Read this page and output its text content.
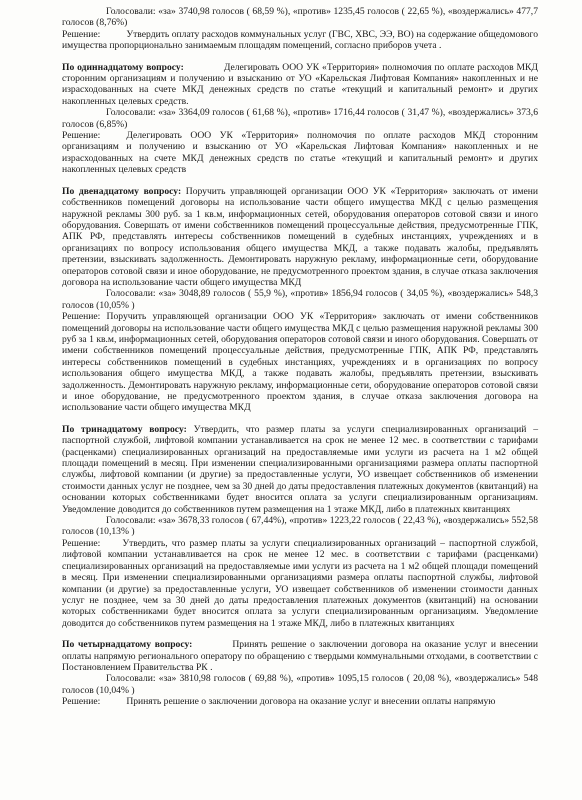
Голосовали: «за» 3740,98 голосов ( 68,59 %), «против» 1235,45 голосов ( 22,65 %), «воздержались» 477,7 голосов (8,76%)

Решение:	Утвердить оплату расходов коммунальных услуг (ГВС, ХВС, ЭЭ, ВО) на содержание общедомового имущества пропорционально занимаемым площадям помещений, согласно приборов учета .

По одиннадцатому вопросу:	Делегировать ООО УК «Территория» полномочия по оплате расходов МКД сторонним организациям и получению и взысканию от УО «Карельская Лифтовая Компания» накопленных и не израсходованных на счете МКД денежных средств по статье «текущий и капитальный ремонт» и других накопленных целевых средств.

Голосовали: «за» 3364,09 голосов ( 61,68 %), «против» 1716,44 голосов ( 31,47 %), «воздержались» 373,6 голосов (6,85%)

Решение:	Делегировать ООО УК «Территория» полномочия по оплате расходов МКД сторонним организациям и получению и взысканию от УО «Карельская Лифтовая Компания» накопленных и не израсходованных на счете МКД денежных средств по статье «текущий и капитальный ремонт» и других накопленных целевых средств

По двенадцатому вопросу: Поручить управляющей организации ООО УК «Территория» заключать от имени собственников помещений договоры на использование части общего имущества МКД с целью размещения наружной рекламы 300 руб. за 1 кв.м, информационных сетей, оборудования операторов сотовой связи и иного оборудования. Совершать от имени собственников помещений процессуальные действия, предусмотренные ГПК, АПК РФ, представлять интересы собственников помещений в судебных инстанциях, учреждениях и в организациях по вопросу использования общего имущества МКД, а также подавать жалобы, предъявлять претензии, взыскивать задолженность. Демонтировать наружную рекламу, информационные сети, оборудование операторов сотовой связи и иное оборудование, не предусмотренного проектом здания, в случае отказа заключения договора на использование части общего имущества МКД

Голосовали: «за» 3048,89 голосов ( 55,9 %), «против» 1856,94 голосов ( 34,05 %), «воздержались» 548,3 голосов (10,05% )

Решение: Поручить управляющей организации ООО УК «Территория» заключать от имени собственников помещений договоры на использование части общего имущества МКД с целью размещения наружной рекламы 300 руб за 1 кв.м, информационных сетей, оборудования операторов сотовой связи и иного оборудования. Совершать от имени собственников помещений процессуальные действия, предусмотренные ГПК, АПК РФ, представлять интересы собственников помещений в судебных инстанциях, учреждениях и в организациях по вопросу использования общего имущества МКД, а также подавать жалобы, предъявлять претензии, взыскивать задолженность. Демонтировать наружную рекламу, информационные сети, оборудование операторов сотовой связи и иное оборудование, не предусмотренного проектом здания, в случае отказа заключения договора на использование части общего имущества МКД

По тринадцатому вопросу: Утвердить, что размер платы за услуги специализированных организаций – паспортной службой, лифтовой компании устанавливается на срок не менее 12 мес. в соответствии с тарифами (расценками) специализированных организаций на предоставляемые ими услуги из расчета на 1 м2 общей площади помещений в месяц. При изменении специализированными организациями размера оплаты паспортной службы, лифтовой компании (и другие) за предоставленные услуги, УО извещает собственников об изменении стоимости данных услуг не позднее, чем за 30 дней до даты предоставления платежных документов (квитанций) на основании которых собственниками будет вносится оплата за услуги специализированным организациям. Уведомление доводится до собственников путем размещения на 1 этаже МКД, либо в платежных квитанциях

Голосовали: «за» 3678,33 голосов ( 67,44%), «против» 1223,22 голосов ( 22,43 %), «воздержались» 552,58 голосов (10,13% )

Решение: Утвердить, что размер платы за услуги специализированных организаций – паспортной службой, лифтовой компании устанавливается на срок не менее 12 мес. в соответствии с тарифами (расценками) специализированных организаций на предоставляемые ими услуги из расчета на 1 м2 общей площади помещений в месяц. При изменении специализированными организациями размера оплаты паспортной службы, лифтовой компании (и другие) за предоставленные услуги, УО извещает собственников об изменении стоимости данных услуг не позднее, чем за 30 дней до даты предоставления платежных документов (квитанций) на основании которых собственниками будет вносится оплата за услуги специализированным организациям. Уведомление доводится до собственников путем размещения на 1 этаже МКД, либо в платежных квитанциях

По четырнадцатому вопросу:	Принять решение о заключении договора на оказание услуг и внесении оплаты напрямую регионального оператору по обращению с твердыми коммунальными отходами, в соответствии с Постановлением Правительства РК .

Голосовали: «за» 3810,98 голосов ( 69,88 %), «против» 1095,15 голосов ( 20,08 %), «воздержались» 548 голосов (10,04% )

Решение:	Принять решение о заключении договора на оказание услуг и внесении оплаты напрямую
